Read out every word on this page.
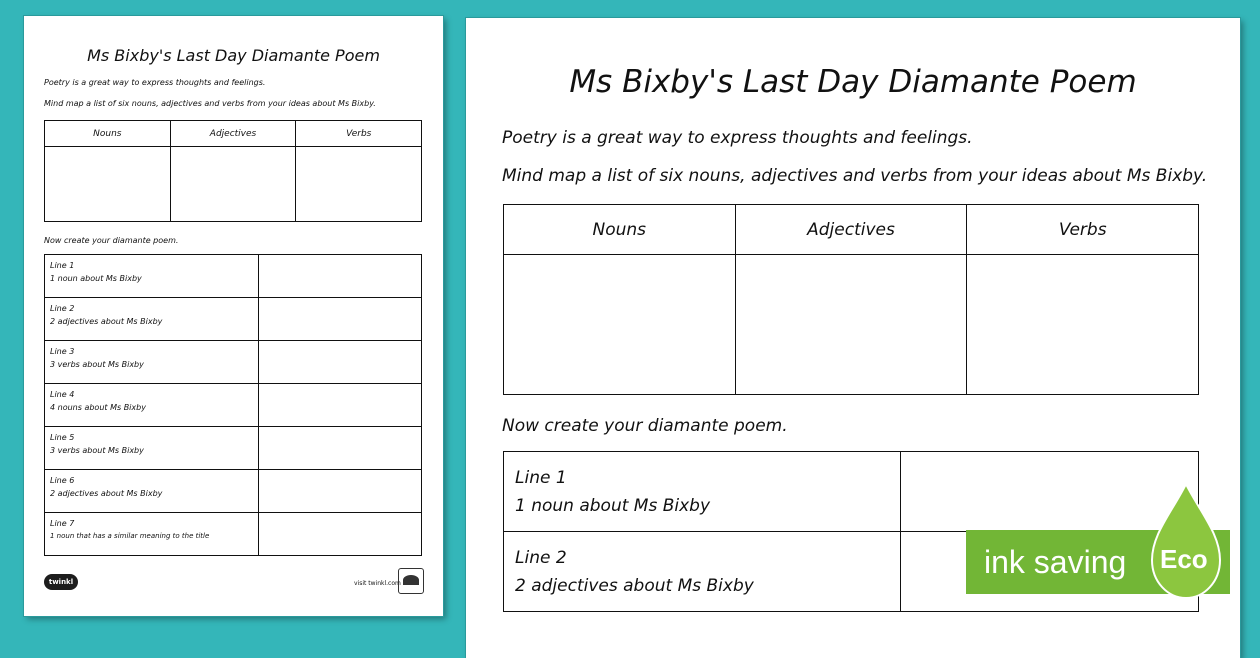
Ms Bixby's Last Day Diamante Poem
Poetry is a great way to express thoughts and feelings.
Mind map a list of six nouns, adjectives and verbs from your ideas about Ms Bixby.
Nouns	Adjectives	Verbs

Now create your diamante poem.
Line 1
1 noun about Ms Bixby	

Line 2
2 adjectives about Ms Bixby	

Line 3
3 verbs about Ms Bixby	

Line 4
4 nouns about Ms Bixby	

Line 5
3 verbs about Ms Bixby	

Line 6
2 adjectives about Ms Bixby	

Line 7
1 noun that has a similar meaning to the title	

twinkl	visit twinkl.com
Ms Bixby's Last Day Diamante Poem
Poetry is a great way to express thoughts and feelings.
Mind map a list of six nouns, adjectives and verbs from your ideas about Ms Bixby.
Nouns	Adjectives	Verbs

Now create your diamante poem.
Line 1
1 noun about Ms Bixby	

Line 2
2 adjectives about Ms Bixby	

ink saving Eco
